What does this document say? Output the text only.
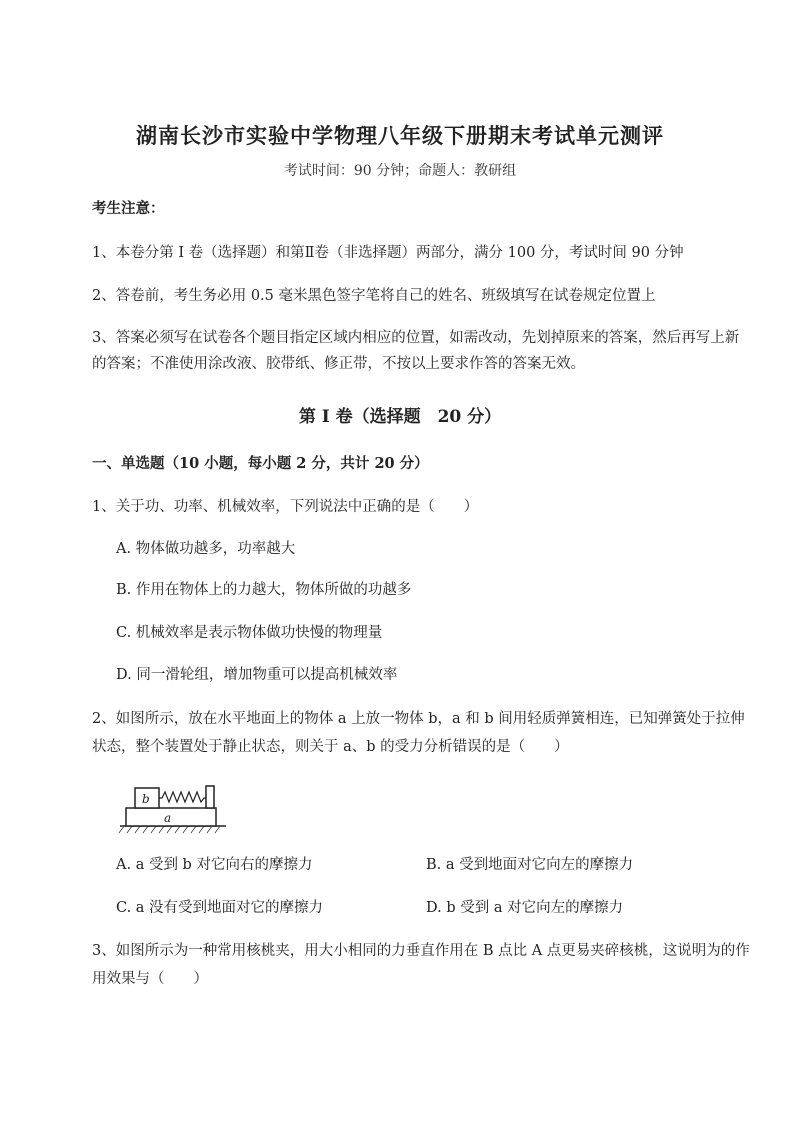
湖南长沙市实验中学物理八年级下册期末考试单元测评
考试时间：90 分钟；命题人：教研组
考生注意：
1、本卷分第 I 卷（选择题）和第Ⅱ卷（非选择题）两部分，满分 100 分，考试时间 90 分钟
2、答卷前，考生务必用 0.5 毫米黑色签字笔将自己的姓名、班级填写在试卷规定位置上
3、答案必须写在试卷各个题目指定区域内相应的位置，如需改动，先划掉原来的答案，然后再写上新的答案；不准使用涂改液、胶带纸、修正带，不按以上要求作答的答案无效。
第 I 卷（选择题　20 分）
一、单选题（10 小题，每小题 2 分，共计 20 分）
1、关于功、功率、机械效率，下列说法中正确的是（　　）
A. 物体做功越多，功率越大
B. 作用在物体上的力越大，物体所做的功越多
C. 机械效率是表示物体做功快慢的物理量
D. 同一滑轮组，增加物重可以提高机械效率
2、如图所示，放在水平地面上的物体 a 上放一物体 b，a 和 b 间用轻质弹簧相连，已知弹簧处于拉伸状态，整个装置处于静止状态，则关于 a、b 的受力分析错误的是（　　）
b
a
A. a 受到 b 对它向右的摩擦力	B. a 受到地面对它向左的摩擦力
C. a 没有受到地面对它的摩擦力	D. b 受到 a 对它向左的摩擦力
3、如图所示为一种常用核桃夹，用大小相同的力垂直作用在 B 点比 A 点更易夹碎核桃，这说明为的作用效果与（　　）
